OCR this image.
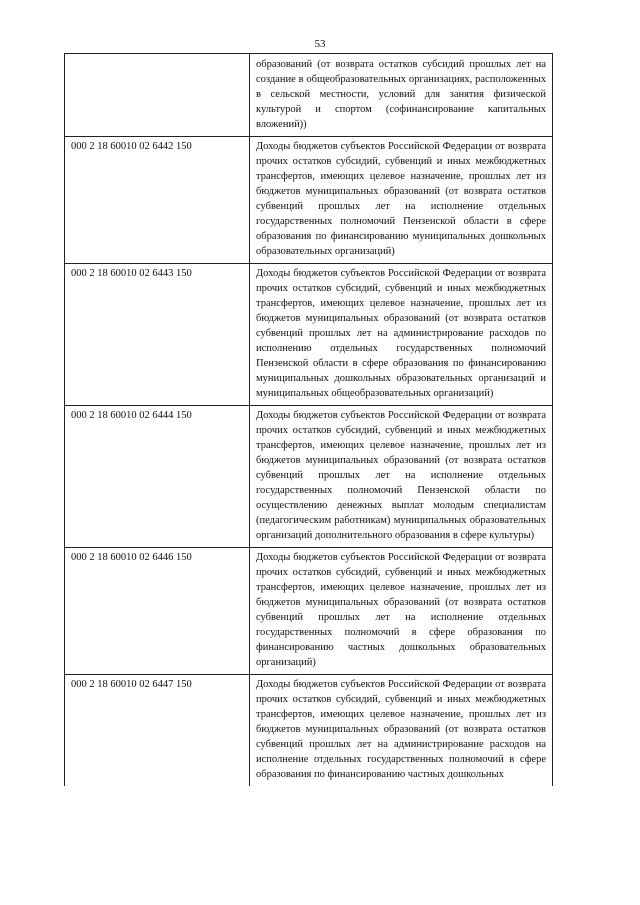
53
	образований (от возврата остатков субсидий прошлых лет на создание в общеобразовательных организациях, расположенных в сельской местности, условий для занятия физической культурой и спортом (софинансирование капитальных вложений))
000 2 18 60010 02 6442 150	Доходы бюджетов субъектов Российской Федерации от возврата прочих остатков субсидий, субвенций и иных межбюджетных трансфертов, имеющих целевое назначение, прошлых лет из бюджетов муниципальных образований (от возврата остатков субвенций прошлых лет на исполнение отдельных государственных полномочий Пензенской области в сфере образования по финансированию муниципальных дошкольных образовательных организаций)
000 2 18 60010 02 6443 150	Доходы бюджетов субъектов Российской Федерации от возврата прочих остатков субсидий, субвенций и иных межбюджетных трансфертов, имеющих целевое назначение, прошлых лет из бюджетов муниципальных образований (от возврата остатков субвенций прошлых лет на администрирование расходов по исполнению отдельных государственных полномочий Пензенской области в сфере образования по финансированию муниципальных дошкольных образовательных организаций и муниципальных общеобразовательных организаций)
000 2 18 60010 02 6444 150	Доходы бюджетов субъектов Российской Федерации от возврата прочих остатков субсидий, субвенций и иных межбюджетных трансфертов, имеющих целевое назначение, прошлых лет из бюджетов муниципальных образований (от возврата остатков субвенций прошлых лет на исполнение отдельных государственных полномочий Пензенской области по осуществлению денежных выплат молодым специалистам (педагогическим работникам) муниципальных образовательных организаций дополнительного образования в сфере культуры)
000 2 18 60010 02 6446 150	Доходы бюджетов субъектов Российской Федерации от возврата прочих остатков субсидий, субвенций и иных межбюджетных трансфертов, имеющих целевое назначение, прошлых лет из бюджетов муниципальных образований (от возврата остатков субвенций прошлых лет на исполнение отдельных государственных полномочий в сфере образования по финансированию частных дошкольных образовательных организаций)
000 2 18 60010 02 6447 150	Доходы бюджетов субъектов Российской Федерации от возврата прочих остатков субсидий, субвенций и иных межбюджетных трансфертов, имеющих целевое назначение, прошлых лет из бюджетов муниципальных образований (от возврата остатков субвенций прошлых лет на администрирование расходов на исполнение отдельных государственных полномочий в сфере образования по финансированию частных дошкольных
